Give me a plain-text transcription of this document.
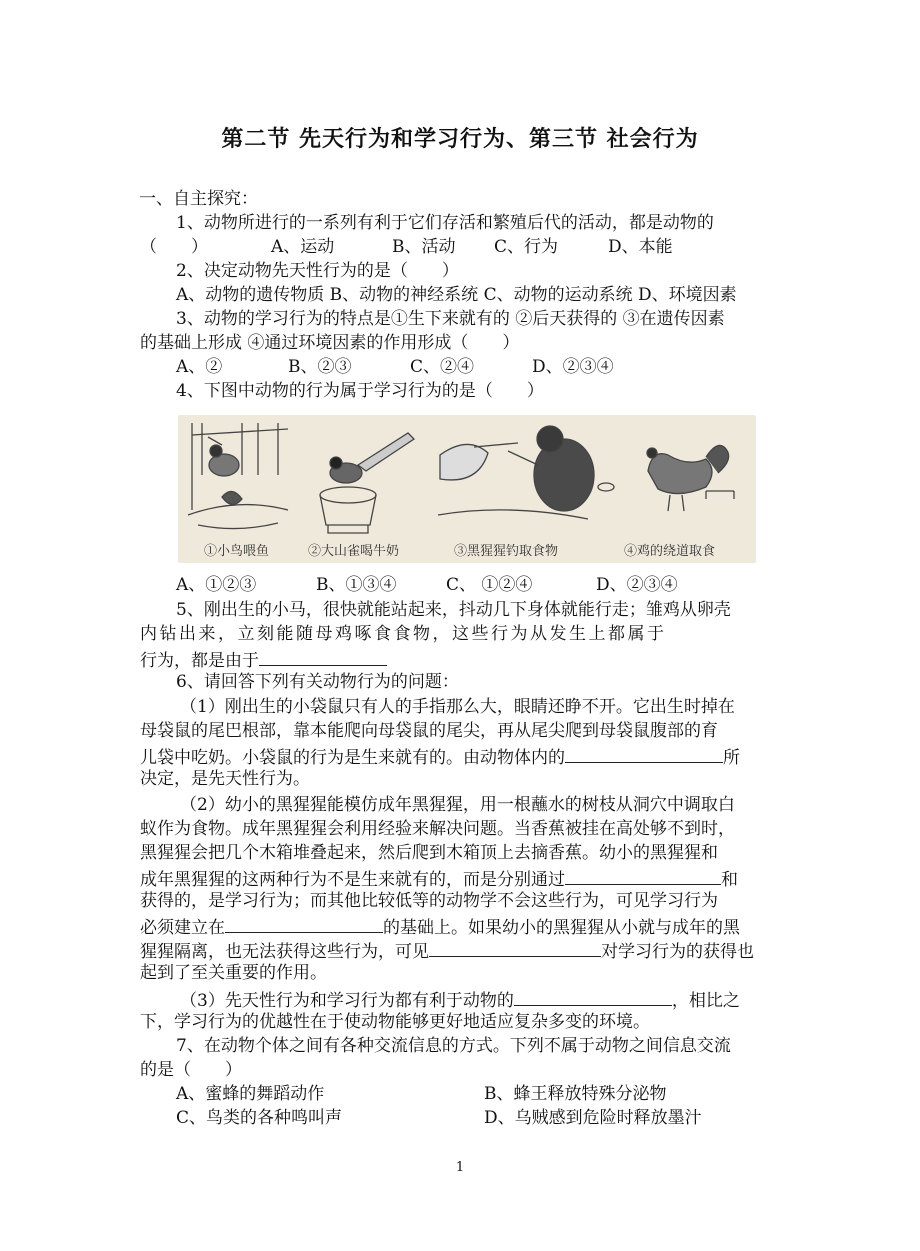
第二节 先天行为和学习行为、第三节 社会行为
一、自主探究：
1、动物所进行的一系列有利于它们存活和繁殖后代的活动，都是动物的
（　　）	A、运动	B、活动 C、行为	D、本能
2、决定动物先天性行为的是（　　）
A、动物的遗传物质 B、动物的神经系统 C、动物的运动系统 D、环境因素
3、动物的学习行为的特点是①生下来就有的 ②后天获得的 ③在遗传因素
的基础上形成 ④通过环境因素的作用形成（　　）
A、②	B、②③	C、②④	D、②③④
4、下图中动物的行为属于学习行为的是（　　）
①小鸟喂鱼	②大山雀喝牛奶	③黑猩猩钓取食物	④鸡的绕道取食
A、①②③	B、①③④	C、 ①②④	D、②③④
5、刚出生的小马，很快就能站起来，抖动几下身体就能行走；雏鸡从卵壳
内钻出来，立刻能随母鸡啄食食物，这些行为从发生上都属于
行为，都是由于
6、请回答下列有关动物行为的问题：
（1）刚出生的小袋鼠只有人的手指那么大，眼睛还睁不开。它出生时掉在
母袋鼠的尾巴根部，靠本能爬向母袋鼠的尾尖，再从尾尖爬到母袋鼠腹部的育
儿袋中吃奶。小袋鼠的行为是生来就有的。由动物体内的	所
决定，是先天性行为。
（2）幼小的黑猩猩能模仿成年黑猩猩，用一根蘸水的树枝从洞穴中调取白
蚁作为食物。成年黑猩猩会利用经验来解决问题。当香蕉被挂在高处够不到时，
黑猩猩会把几个木箱堆叠起来，然后爬到木箱顶上去摘香蕉。幼小的黑猩猩和
成年黑猩猩的这两种行为不是生来就有的，而是分别通过	和
获得的，是学习行为；而其他比较低等的动物学不会这些行为，可见学习行为
必须建立在	的基础上。如果幼小的黑猩猩从小就与成年的黑
猩猩隔离，也无法获得这些行为，可见	对学习行为的获得也
起到了至关重要的作用。
（3）先天性行为和学习行为都有利于动物的	，相比之
下，学习行为的优越性在于使动物能够更好地适应复杂多变的环境。
7、在动物个体之间有各种交流信息的方式。下列不属于动物之间信息交流
的是（　　）
A、蜜蜂的舞蹈动作	B、蜂王释放特殊分泌物
C、鸟类的各种鸣叫声	D、乌贼感到危险时释放墨汁
1
